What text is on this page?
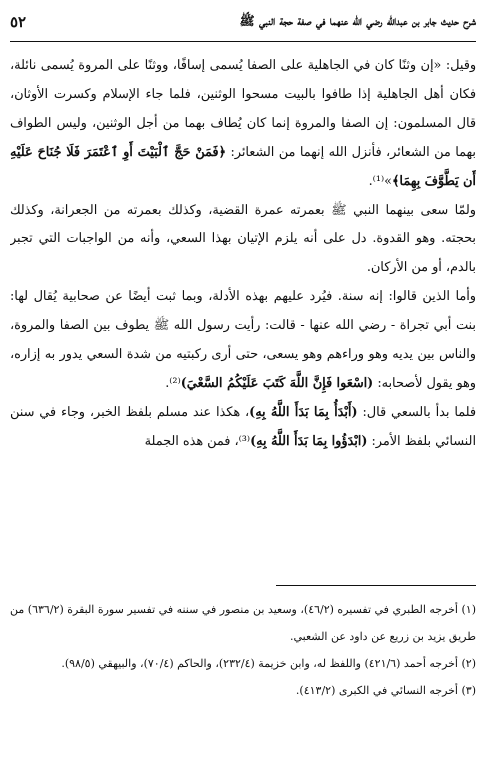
شرح حديث جابر بن عبدالله رضي الله عنهما في صفة حجة النبي ﷺ
٥٢

وقيل: «إن وثنًا كان في الجاهلية على الصفا يُسمى إسافًا، ووثنًا على المروة يُسمى نائلة، فكان أهل الجاهلية إذا طافوا بالبيت مسحوا الوثنين، فلما جاء الإسلام وكسرت الأوثان، قال المسلمون: إن الصفا والمروة إنما كان يُطاف بهما من أجل الوثنين، وليس الطواف بهما من الشعائر، فأنزل الله إنهما من الشعائر: ﴿فَمَنْ حَجَّ ٱلْبَيْتَ أَوِ ٱعْتَمَرَ فَلَا جُنَاحَ عَلَيْهِ أَن يَطَّوَّفَ بِهِمَا﴾»⁽¹⁾.

ولمّا سعى بينهما النبي ﷺ بعمرته عمرة القضية، وكذلك بعمرته من الجعرانة، وكذلك بحجته. وهو القدوة. دل على أنه يلزم الإتيان بهذا السعي، وأنه من الواجبات التي تجبر بالدم، أو من الأركان.

وأما الذين قالوا: إنه سنة. فيُرد عليهم بهذه الأدلة، وبما ثبت أيضًا عن صحابية يُقال لها: بنت أبي تجراة - رضي الله عنها - قالت: رأيت رسول الله ﷺ يطوف بين الصفا والمروة، والناس بين يديه وهو وراءهم وهو يسعى، حتى أرى ركبتيه من شدة السعي يدور به إزاره، وهو يقول لأصحابه: (اسْعَوا فَإِنَّ اللَّهَ كَتَبَ عَلَيْكُمُ السَّعْيَ)⁽²⁾.

فلما بدأ بالسعي قال: (أَبْدَأُ بِمَا بَدَأَ اللَّهُ بِهِ)، هكذا عند مسلم بلفظ الخبر، وجاء في سنن النسائي بلفظ الأمر: (ابْدَؤُوا بِمَا بَدَأَ اللَّهُ بِهِ)⁽³⁾، فمن هذه الجملة

(١) أخرجه الطبري في تفسيره (٤٦/٢)، وسعيد بن منصور في سننه في تفسير سورة البقرة (٦٣٦/٢) من طريق يزيد بن زريع عن داود عن الشعبي.

(٢) أخرجه أحمد (٤٢١/٦) واللفظ له، وابن خزيمة (٢٣٢/٤)، والحاكم (٧٠/٤)، والبيهقي (٩٨/٥).

(٣) أخرجه النسائي في الكبرى (٤١٣/٢).
